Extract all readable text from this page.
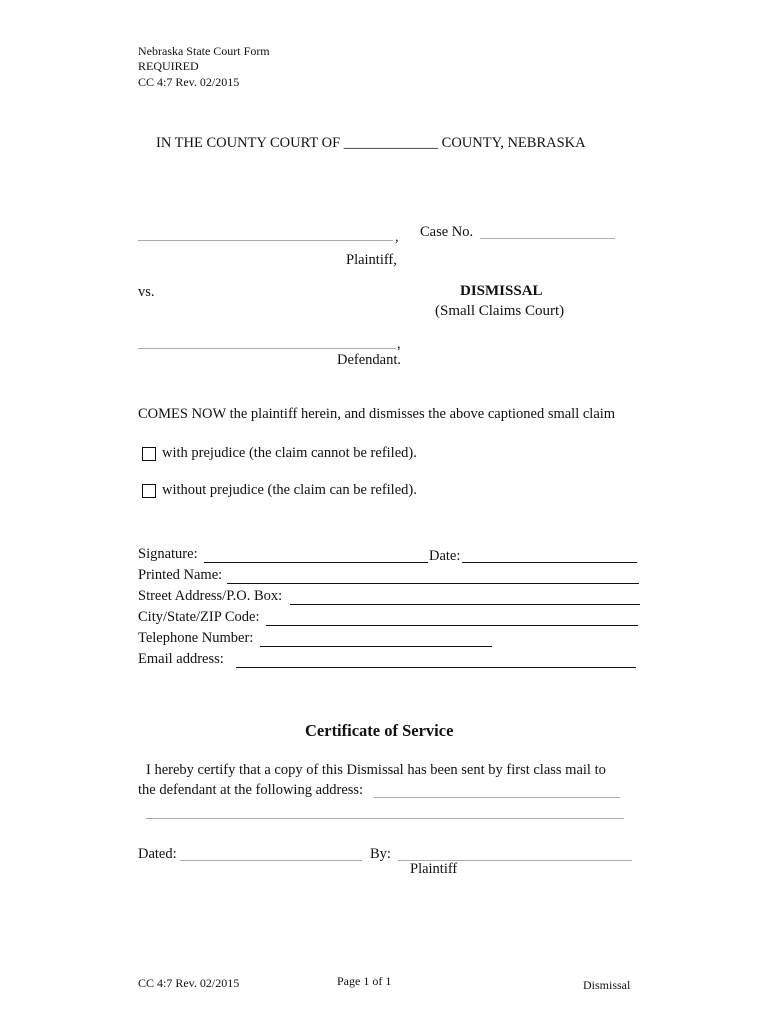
Nebraska State Court Form
REQUIRED
CC 4:7 Rev. 02/2015
IN THE COUNTY COURT OF _____________ COUNTY, NEBRASKA
, Case No.
Plaintiff,
vs.	DISMISSAL
(Small Claims Court)
,
Defendant.
COMES NOW the plaintiff herein, and dismisses the above captioned small claim
with prejudice (the claim cannot be refiled).
without prejudice (the claim can be refiled).
Signature:	Date:
Printed Name:
Street Address/P.O. Box:
City/State/ZIP Code:
Telephone Number:
Email address:
Certificate of Service
I hereby certify that a copy of this Dismissal has been sent by first class mail to
the defendant at the following address:
Dated:	By:
Plaintiff
CC 4:7 Rev. 02/2015	Page 1 of 1	Dismissal
